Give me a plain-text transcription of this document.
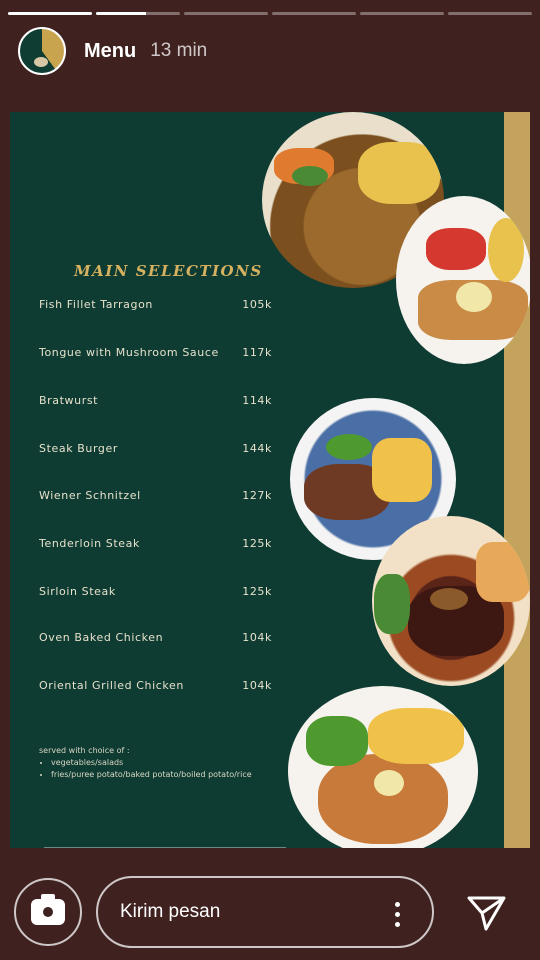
Menu 13 min
MAIN SELECTIONS
Fish Fillet Tarragon	105k
Tongue with Mushroom Sauce 117k
Bratwurst	114k
Steak Burger	144k
Wiener Schnitzel	127k
Tenderloin Steak	125k
Sirloin Steak	125k
Oven Baked Chicken	104k
Oriental Grilled Chicken	104k
served with choice of :
• vegetables/salads
• fries/puree potato/baked potato/boiled potato/rice
Kirim pesan
